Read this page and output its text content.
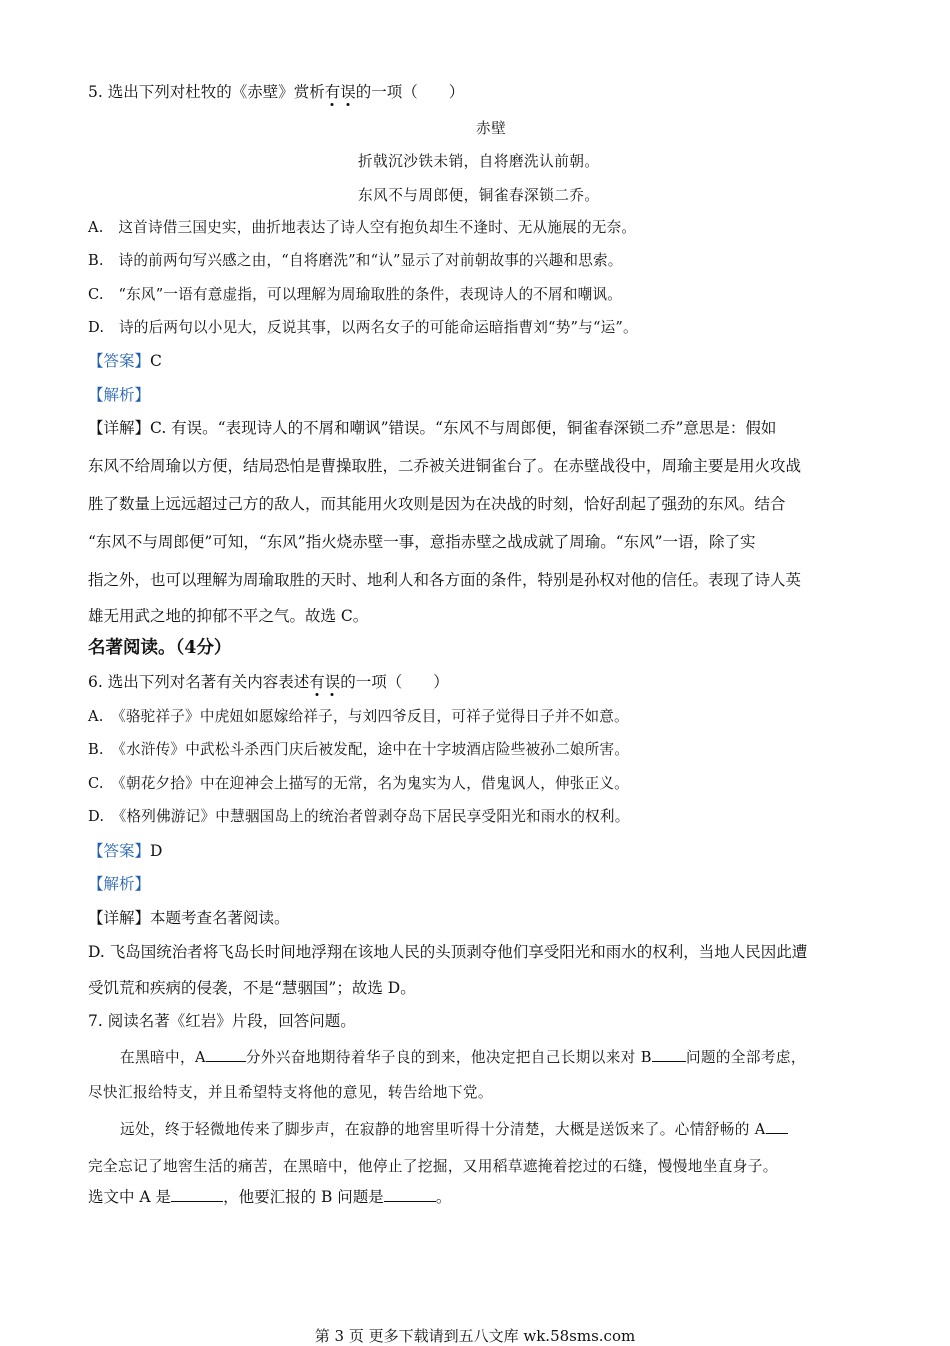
5. 选出下列对杜牧的《赤壁》赏析有误的一项（　　）
赤壁
折戟沉沙铁未销，自将磨洗认前朝。
东风不与周郎便，铜雀春深锁二乔。
A.　这首诗借三国史实，曲折地表达了诗人空有抱负却生不逢时、无从施展的无奈。
B.　诗的前两句写兴感之由，“自将磨洗”和“认”显示了对前朝故事的兴趣和思索。
C.　“东风”一语有意虚指，可以理解为周瑜取胜的条件，表现诗人的不屑和嘲讽。
D.　诗的后两句以小见大，反说其事，以两名女子的可能命运暗指曹刘“势”与“运”。
【答案】C
【解析】
【详解】C. 有误。“表现诗人的不屑和嘲讽”错误。“东风不与周郎便，铜雀春深锁二乔”意思是：假如
东风不给周瑜以方便，结局恐怕是曹操取胜，二乔被关进铜雀台了。在赤壁战役中，周瑜主要是用火攻战
胜了数量上远远超过己方的敌人，而其能用火攻则是因为在决战的时刻，恰好刮起了强劲的东风。结合
“东风不与周郎便”可知，“东风”指火烧赤壁一事，意指赤壁之战成就了周瑜。“东风”一语，除了实
指之外，也可以理解为周瑜取胜的天时、地利人和各方面的条件，特别是孙权对他的信任。表现了诗人英
雄无用武之地的抑郁不平之气。故选 C。
名著阅读。（4分）
6. 选出下列对名著有关内容表述有误的一项（　　）
A.　《骆驼祥子》中虎妞如愿嫁给祥子，与刘四爷反目，可祥子觉得日子并不如意。
B.　《水浒传》中武松斗杀西门庆后被发配，途中在十字坡酒店险些被孙二娘所害。
C.　《朝花夕拾》中在迎神会上描写的无常，名为鬼实为人，借鬼讽人，伸张正义。
D.　《格列佛游记》中慧骃国岛上的统治者曾剥夺岛下居民享受阳光和雨水的权利。
【答案】D
【解析】
【详解】本题考查名著阅读。
D. 飞岛国统治者将飞岛长时间地浮翔在该地人民的头顶剥夺他们享受阳光和雨水的权利，当地人民因此遭
受饥荒和疾病的侵袭，不是“慧骃国”；故选 D。
7. 阅读名著《红岩》片段，回答问题。
在黑暗中，A	分外兴奋地期待着华子良的到来，他决定把自己长期以来对 B 问题的全部考虑，
尽快汇报给特支，并且希望特支将他的意见，转告给地下党。
远处，终于轻微地传来了脚步声，在寂静的地窖里听得十分清楚，大概是送饭来了。心情舒畅的 A
完全忘记了地窖生活的痛苦，在黑暗中，他停止了挖掘，又用稻草遮掩着挖过的石缝，慢慢地坐直身子。
选文中 A 是	，他要汇报的 B 问题是	。
第 3 页 更多下载请到五八文库 wk.58sms.com
